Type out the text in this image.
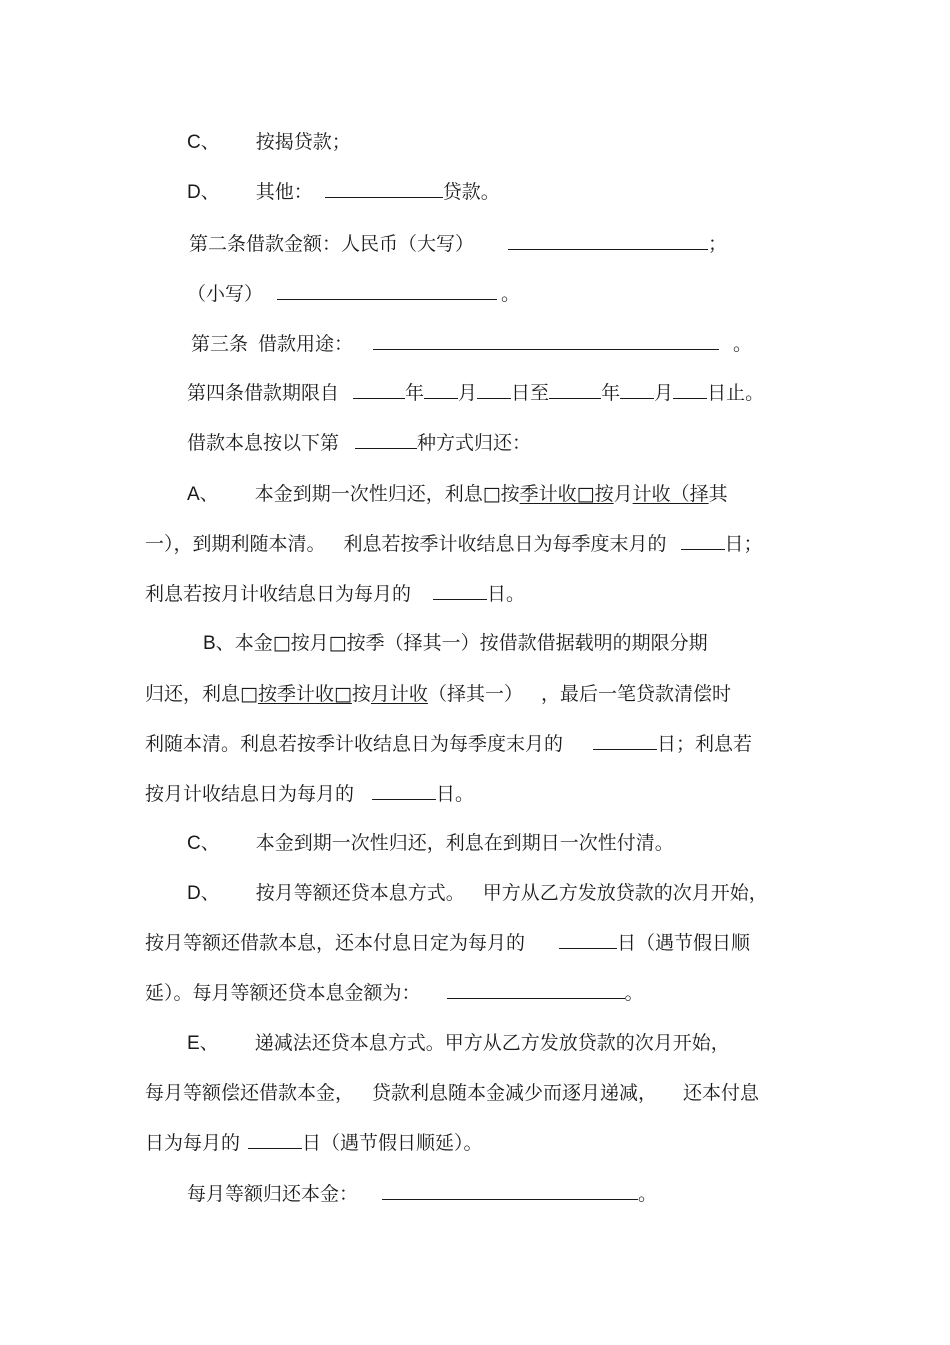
C、 按揭贷款；
D、 其他：	贷款。
第二条借款金额：人民币（大写）	；
（小写）	。
第三条 借款用途：	。
第四条借款期限自	年 月 日至	年 月 日止。
借款本息按以下第	种方式归还：
A、 本金到期一次性归还，利息□按季计收□按月计收（择其
一），到期利随本清。 利息若按季计收结息日为每季度末月的	日；
利息若按月计收结息日为每月的	日。
B、本金□按月□按季（择其一）按借款借据载明的期限分期
归还，利息□按季计收□按月计收（择其一） ，最后一笔贷款清偿时
利随本清。利息若按季计收结息日为每季度末月的	日；利息若
按月计收结息日为每月的	日。
C、 本金到期一次性归还，利息在到期日一次性付清。
D、 按月等额还贷本息方式。 甲方从乙方发放贷款的次月开始，
按月等额还借款本息，还本付息日定为每月的	日（遇节假日顺
延）。每月等额还贷本息金额为：	。
E、 递减法还贷本息方式。甲方从乙方发放贷款的次月开始，
每月等额偿还借款本金， 贷款利息随本金减少而逐月递减， 还本付息
日为每月的	日（遇节假日顺延）。
每月等额归还本金：	。
